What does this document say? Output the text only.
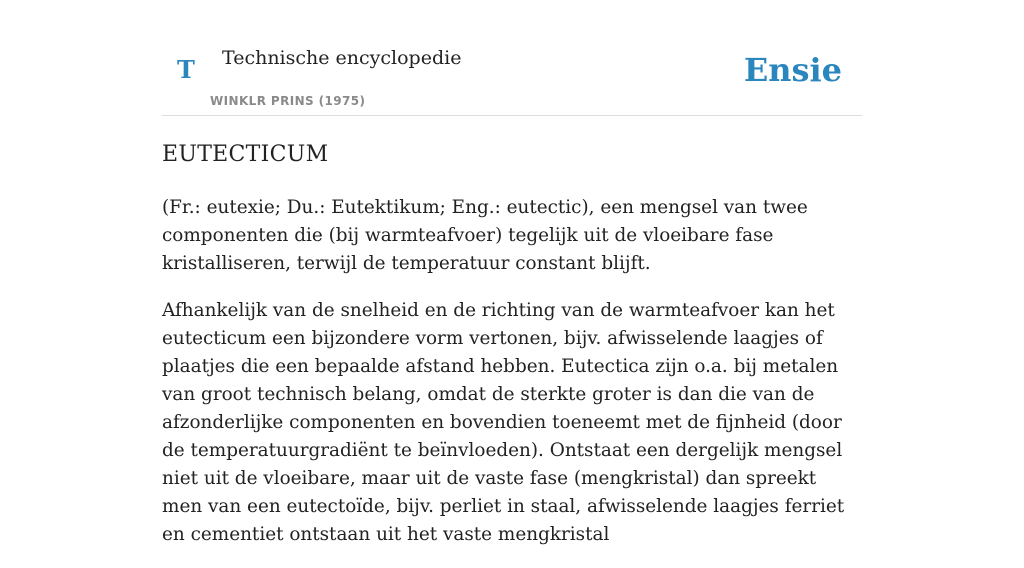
T Technische encyclopedie
WINKLR PRINS (1975)
Ensie
EUTECTICUM

(Fr.: eutexie; Du.: Eutektikum; Eng.: eutectic), een mengsel van twee componenten die (bij warmteafvoer) tegelijk uit de vloeibare fase kristalliseren, terwijl de temperatuur constant blijft.

Afhankelijk van de snelheid en de richting van de warmteafvoer kan het eutecticum een bijzondere vorm vertonen, bijv. afwisselende laagjes of plaatjes die een bepaalde afstand hebben. Eutectica zijn o.a. bij metalen van groot technisch belang, omdat de sterkte groter is dan die van de afzonderlijke componenten en bovendien toeneemt met de fijnheid (door de temperatuurgradiënt te beïnvloeden). Ontstaat een dergelijk mengsel niet uit de vloeibare, maar uit de vaste fase (mengkristal) dan spreekt men van een eutectoïde, bijv. perliet in staal, afwisselende laagjes ferriet en cementiet ontstaan uit het vaste mengkristal
